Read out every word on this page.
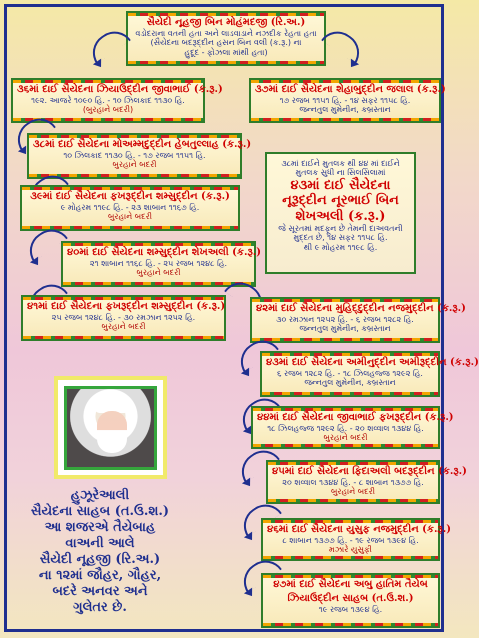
સૈયેદી નૂહજી બિન મોહંમદજી (રિ.અ.)
વડોદરાના વતની હતા અને લાડવાડાને નઝદીક રેહતા હતા
(સૈયેદના બદરૂદ્દીન હસન બિન વલી (ક.રૂ.) ના
હુદૂદ - ફોઝલા માંથી હતા)
૩૬માં દાઈ સૈયેદના ઝિયાઉદ્દીન જીવાભાઈ (ક.રૂ.)
૧૯૨. આજરે ૧૦૯૦ હિ. - ૧૦ ઝિલકાદ ૧૧૩૦ હિ.
(બુરહાને બદરી)
૩૭માં દાઈ સૈયેદના શેહાબુદ્દીન જલાલ (ક.રૂ.)
૧૭ રજબ ૧૧૫૧ હિ. - ૧૪ સફર ૧૧૫૮ હિ.
જન્નતુલ મુમેનીન, કબ્રસ્તાન
૩૮માં દાઈ સૈયેદના મોઅમ્મદુદ્દીન હેબતુલ્લાહ (ક.રૂ.)
૧૦ ઝિલકાદ ૧૧૩૦ હિ. - ૧૭ રજબ ૧૧૫૧ હિ.
બુરહાને બદરી
૩૯માં દાઈ સૈયેદના ફખરૂદ્દીન શમ્સુદ્દીન (ક.રૂ.)
૯ મોહરમ ૧૧૯૮ હિ. - ૨૩ શાબાન ૧૧૬૭ હિ.
બુરહાને બદરી
૪૦માં દાઈ સૈયેદના શમ્સુદ્દીન શેખઅલી (ક.રૂ.)
૨૧ શાબાન ૧૧૬૮ હિ. - ૨૫ રજબ ૧૨૪૮ હિ.
બુરહાને બદરી
૩૮માં દાઈને મુતલક થી ૪૪ માં દાઈને
મુતલક સુધી ના સિલસિલામાં
૪૩માં દાઈ સૈયેદના
નૂરૂદ્દીન નૂરભાઈ બિન
શેખઅલી (ક.રૂ.)
જે સૂરતમાં મદફૂન છે તેમની દાઅવતની
મુદ્દત છે, ૧૪ સફર ૧૧૫૮ હિ.
થી ૯ મોહરમ ૧૧૯૮ હિ.
૪૧માં દાઈ સૈયેદના ફખરૂદ્દીન શમ્સુદ્દીન (ક.રૂ.)
૨૫ રજબ ૧૨૪૮ હિ. - ૩૦ રમઝાન ૧૨૫૨ હિ.
બુરહાને બદરી
૪૨માં દાઈ સૈયેદના મુહિદ્દુદ્દીન નજમુદ્દીન (ક.રૂ.)
૩૦ રમઝાન ૧૨૫૨ હિ. - ૬ રજબ ૧૨૮૨ હિ.
જન્નતુલ મુમેનીન, કબ્રસ્તાન
૪૩માં દાઈ સૈયેદના અમીનુદ્દીન અમીરૂદ્દીન (ક.રૂ.)
૬ રજબ ૧૨૮૨ હિ. - ૧૮ ઝિલહજ્જ ૧૨૯૨ હિ.
જન્નતુલ મુમેનીન, કબ્રસ્તાન
૪૪માં દાઈ સૈયેદના જીવાભાઈ ફખરૂદ્દીન (ક.રૂ.)
૧૮ ઝિલહજ્જ ૧૨૯૨ હિ. - ૨૦ શવ્વાલ ૧૩૪૪ હિ.
બુરહાને બદરી
૪૫માં દાઈ સૈયેદના ફિદાઅલી બદરૂદ્દીન (ક.રૂ.)
૨૦ શવ્વાલ ૧૩૪૪ હિ. - ૮ શાબાન ૧૩૭૭ હિ.
બુરહાને બદરી
૪૬માં દાઈ સૈયેદના યુસુફ નજમુદ્દીન (ક.રૂ.)
૮ શાબાન ૧૩૭૭ હિ. - ૧૯ રજબ ૧૩૯૪ હિ.
મઝારે યુસુફી
૪૭માં દાઈ સૈયેદના અબુ હાતિમ તૈયેબ
ઝિયાઉદ્દીન સાહબ (ત.ઉ.શ.)
૧૯ રજબ ૧૩૯૪ હિ.
હુઝૂરેઆલી
સૈયેદના સાહબ (ત.ઉ.શ.)
આ શજરએ તૈયેબાહ
વાઅની આલે
સૈયેદી નૂહજી (રિ.અ.)
ના ૧૨માં જૌહર, ગૌહર,
બદરે અનવર અને
ગુલેતર છે.
